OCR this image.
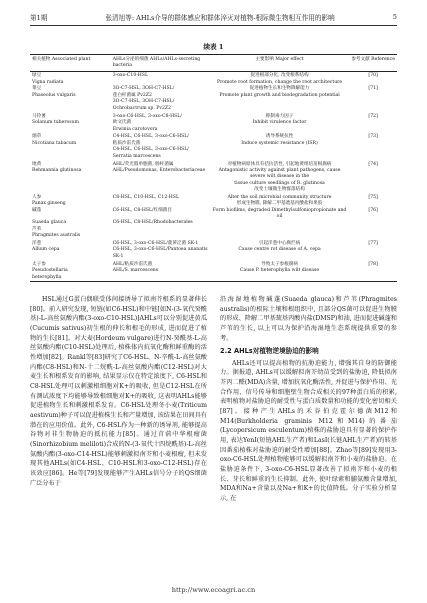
第1期	张清旭等: AHLs介导的群体感应和群体淬灭对植物-根际微生物相互作用的影响	5
续表 1
相关植物 Associated plant	AHLs分泌的细菌 AHLs/AHLs-secreting bacteria	主要影响 Major effect	参考文献 Reference
绿豆	3-oxo-C10-HSL	促进根部分化, 改变根系结构	[70]
Vigna radiata		Promote root formation, change the root architecture	
菜豆	3O-C7-HSL, 3OH-C7-HSL/	促进植物生长和生物降解能力	[71]
Phaseolus vulgaris	莲白杆菌属 Pv2Z2	Promote plant growth and biodegradation potential	
	3O-C7-HSL, 3OH-C7-HSL/		
	Ochrobactrum sp. Pv2Z2		
马铃薯	3-oxo-C6-HSL, 3-oxo-C8-HSL/	抑制毒力因子	[72]
Solanum tuberosum	欧文氏菌	Inhibit virulence factor	
	Erwinia carotovora		
烟草	C4-HSL, C6-HSL, 3-oxo-C6-HSL/	诱导系统抗性	[73]
Nicotiana tabacum	粘质沙雷氏菌	Induce systemic resistance (ISR)	
	C4-HSL, C6-HSL, 3-oxo-C6-HSL/		
	Serratia marcescens		
地黄	AHL/荧光假单胞菌, 肠杆菌属	对植物病原体具有拮抗活性, 引起地黄组培苗根腐病	[74]
Rehmannia glutinosa	AHL/Pseudomonas, Enterobacteriaceae	Antagonistic activity against plant pathogens, cause severe wilt disease in the	
		tissue culture seedlings of R. glutinosa	
		改变土壤微生物群落结构	
人参	C8-HSL, C10-HSL, C12-HSL	Alter the soil microbial community structure	[75]
Panax ginseng		形成生物膜, 降解二甲基巯基丙酸盐和果胶	
碱蓬	C6-HSL, C8-HSL/红细菌目	Form biofilms, degraded Dimethylsulfoniopropionate and oil	[76]
Suaeda glauca	C6-HSL, C8-HSL/Rhodobacterales		
芦苇			
Phragmites australis			
洋葱	C6-HSL, 3-oxo-C6-HSL/菠萝泛菌 SK-1	引起洋葱中心腐烂病	[77]
Allium cepa	C6-HSL, 3-oxo-C6-HSL/Pantoea ananatis	Cause centre rot disease of A. cepa	
	SK-1		
太子参	AHL/粘质沙雷氏菌	导致太子参根腐病	[78]
Pseudostellaria	AHL/S. marcescens	Cause P. heterophylla wilt disease	
heterophylla			

HSL通过G蛋白偶联受体间接诱导了拟南芥根系的显著伸长[80]。前人研究发现, 短链(如C6-HSL)和中链[如N-(3-氧代癸酰基)-L-高丝氨酸内酯(3-oxo-C10-HSL)]AHLs可以分别促进黄瓜(Cucumis sativus)初生根的伸长和根毛的形成, 进而促进了植物的生长[81]。对大麦(Hordeum vulgare)进行N-癸酰基-L-高丝氨酸内酯(C10-HSL)处理后, 植株体内抗氧化酶和鲜重酶的活性增加[82]。Rankl等[83]研究了C6-HSL、N-辛酰-L-高丝氨酸内酯(C8-HSL)和N-十二烷酰-L-高丝氨酸内酯(C12-HSL)对大麦生长和根系发育的影响, 结果显示仅在特定浓度下, C6-HSL和C8-HSL处理可以刺激根细胞对K+的吸收, 但是C12-HSL在所有测试浓度下均能够导致根细胞对K+的吸收, 这表明AHLs能够促进植物生长和刺激根系发育。C6-HSL处理冬小麦(Triticum aestivum)种子可以促进植株生长和产量增加, 该结果在田间具有潜在的应用价值。此外, C6-HSL作为一种新的诱导剂, 能够提高谷物对非生物胁迫的抵抗能力[85]。通过苜蓿中华根瘤菌(Sinorhizobium meliloti)合成的N-(3-氧代十四烷酰基)-L-高丝氨酸内酯(3-oxo-C14-HSL)能够刺激拟南芥和小麦根瘤, 但未发现其他AHLs(如C4-HSL、C10-HSL和3-oxo-C12-HSL)存在该效应[86]。He等[79]发现能够产生AHLs信号分子的QS细菌广泛分布于

沿海湿地植物碱蓬(Suaeda glauca)和芦苇(Phragmites australis)的根际土壤和根组织中, 且部分QS菌可以促进生物膜的形成、降解二甲基巯基丙酸内盐(DMSP)和油, 进而促进碱蓬和芦苇的生长, 以上可以为保护沿海湿地生态系统提供重要的参考。

2.2 AHLs对植物逆境胁迫的影响

AHLs还可以提高植物的抗胁迫能力, 增强其自身的防御能力。据报道, AHLs可以缓解拟南芥幼苗受到的盐胁迫, 降低拟南芥丙二醛(MDA)含量, 增加抗氧化酶活性, 并促进与保护作用、光合作用、信号传导和细胞壁生物合成相关的97种蛋白质的积累, 表明植物对盐胁迫的耐受性与蛋白质数量和功能的变化密切相关[87]。接种产生AHLs的禾谷伯克霍尔德菌M12和M14(Burkholderia graminis M12和M14)的番茄(Lycopersicum esculentum)植株的盐胁迫具有显著的保护作用, 表达YenI(短链AHL生产者)和LasI(长链AHL生产者)的转基因番茄植株对盐胁迫的耐受性增加[88]。Zhao等[89]发现用3-oxo-C6-HSL处理植物能够可以缓解拟南芥和小麦的盐胁迫。在盐胁迫条件下, 3-oxo-C6-HSL显著改善了拟南芥和小麦的根长、芽长和鲜重的生长抑制。此外, 使叶绿素和脯氨酸含量增加, MDA和Na+含量以及Na+和K+的比值降低。分子实验分析显示, 在

http://www.ecoagri.ac.cn
